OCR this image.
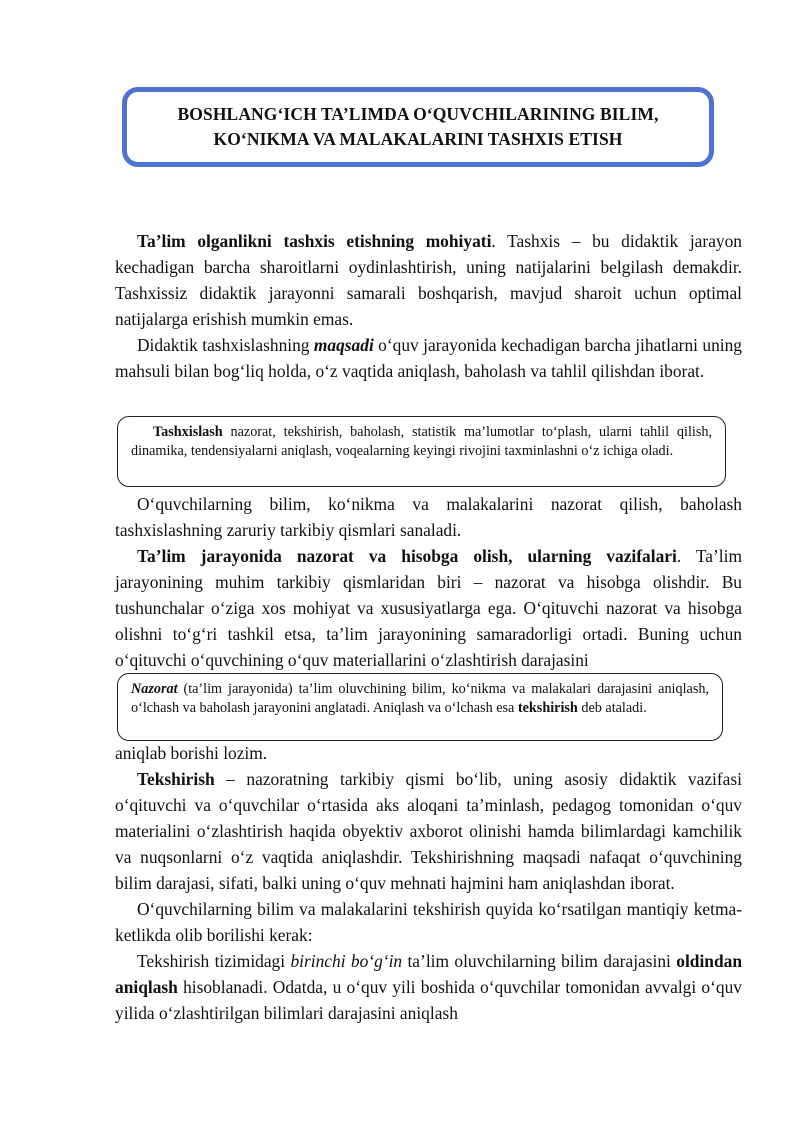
BOSHLANG‘ICH TA’LIMDA O‘QUVCHILARINING BILIM,
KO‘NIKMA VA MALAKALARINI TASHXIS ETISH

Ta’lim olganlikni tashxis etishning mohiyati. Tashxis – bu didaktik jarayon kechadigan barcha sharoitlarni oydinlashtirish, uning natijalarini belgilash demakdir. Tashxissiz didaktik jarayonni samarali boshqarish, mavjud sharoit uchun optimal natijalarga erishish mumkin emas.

Didaktik tashxislashning maqsadi o‘quv jarayonida kechadigan barcha jihatlarni uning mahsuli bilan bog‘liq holda, o‘z vaqtida aniqlash, baholash va tahlil qilishdan iborat.

Tashxislash nazorat, tekshirish, baholash, statistik ma’lumotlar to‘plash, ularni tahlil qilish, dinamika, tendensiyalarni aniqlash, voqealarning keyingi rivojini taxminlashni o‘z ichiga oladi.

O‘quvchilarning bilim, ko‘nikma va malakalarini nazorat qilish, baholash tashxislashning zaruriy tarkibiy qismlari sanaladi.

Ta’lim jarayonida nazorat va hisobga olish, ularning vazifalari. Ta’lim jarayonining muhim tarkibiy qismlaridan biri – nazorat va hisobga olishdir. Bu tushunchalar o‘ziga xos mohiyat va xususiyatlarga ega. O‘qituvchi nazorat va hisobga olishni to‘g‘ri tashkil etsa, ta’lim jarayonining samaradorligi ortadi. Buning uchun o‘qituvchi o‘quvchining o‘quv materiallarini o‘zlashtirish darajasini

Nazorat (ta’lim jarayonida) ta’lim oluvchining bilim, ko‘nikma va malakalari darajasini aniqlash, o‘lchash va baholash jarayonini anglatadi. Aniqlash va o‘lchash esa tekshirish deb ataladi.

aniqlab borishi lozim.

Tekshirish – nazoratning tarkibiy qismi bo‘lib, uning asosiy didaktik vazifasi o‘qituvchi va o‘quvchilar o‘rtasida aks aloqani ta’minlash, pedagog tomonidan o‘quv materialini o‘zlashtirish haqida obyektiv axborot olinishi hamda bilimlardagi kamchilik va nuqsonlarni o‘z vaqtida aniqlashdir. Tekshirishning maqsadi nafaqat o‘quvchining bilim darajasi, sifati, balki uning o‘quv mehnati hajmini ham aniqlashdan iborat.

O‘quvchilarning bilim va malakalarini tekshirish quyida ko‘rsatilgan mantiqiy ketma-ketlikda olib borilishi kerak:

Tekshirish tizimidagi birinchi bo‘g‘in ta’lim oluvchilarning bilim darajasini oldindan aniqlash hisoblanadi. Odatda, u o‘quv yili boshida o‘quvchilar tomonidan avvalgi o‘quv yilida o‘zlashtirilgan bilimlari darajasini aniqlash
